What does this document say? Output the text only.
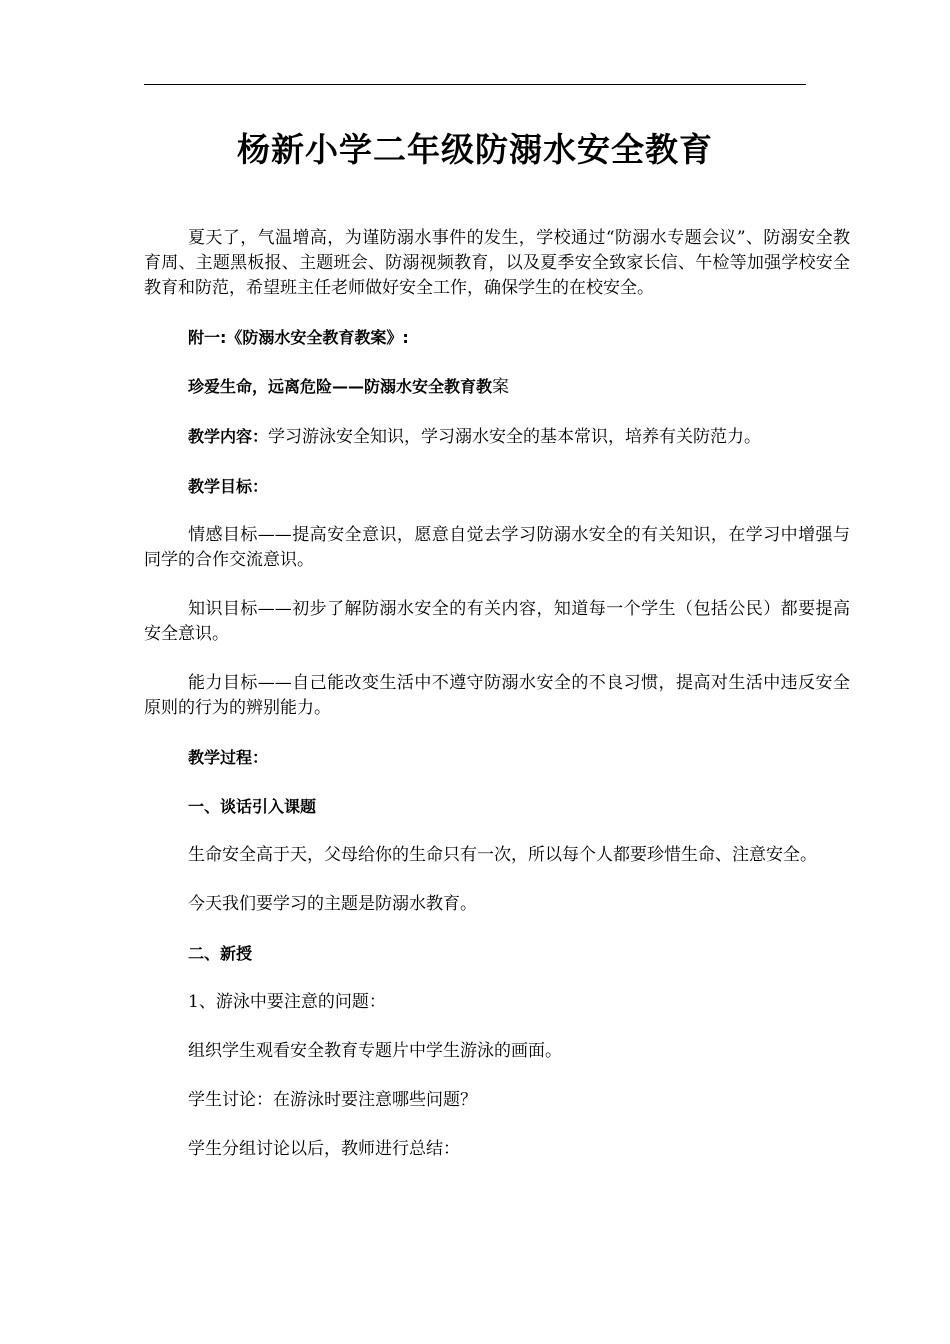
杨新小学二年级防溺水安全教育

夏天了，气温增高，为谨防溺水事件的发生，学校通过“防溺水专题会议”、防溺安全教育周、主题黑板报、主题班会、防溺视频教育，以及夏季安全致家长信、午检等加强学校安全教育和防范，希望班主任老师做好安全工作，确保学生的在校安全。

附一:《防溺水安全教育教案》:

珍爱生命，远离危险——防溺水安全教育教案

教学内容：学习游泳安全知识，学习溺水安全的基本常识，培养有关防范力。

教学目标：

情感目标——提高安全意识，愿意自觉去学习防溺水安全的有关知识，在学习中增强与同学的合作交流意识。

知识目标——初步了解防溺水安全的有关内容，知道每一个学生（包括公民）都要提高安全意识。

能力目标——自己能改变生活中不遵守防溺水安全的不良习惯，提高对生活中违反安全原则的行为的辨别能力。

教学过程：

一、谈话引入课题

生命安全高于天，父母给你的生命只有一次，所以每个人都要珍惜生命、注意安全。

今天我们要学习的主题是防溺水教育。

二、新授

1、游泳中要注意的问题：

组织学生观看安全教育专题片中学生游泳的画面。

学生讨论：在游泳时要注意哪些问题？

学生分组讨论以后，教师进行总结：
